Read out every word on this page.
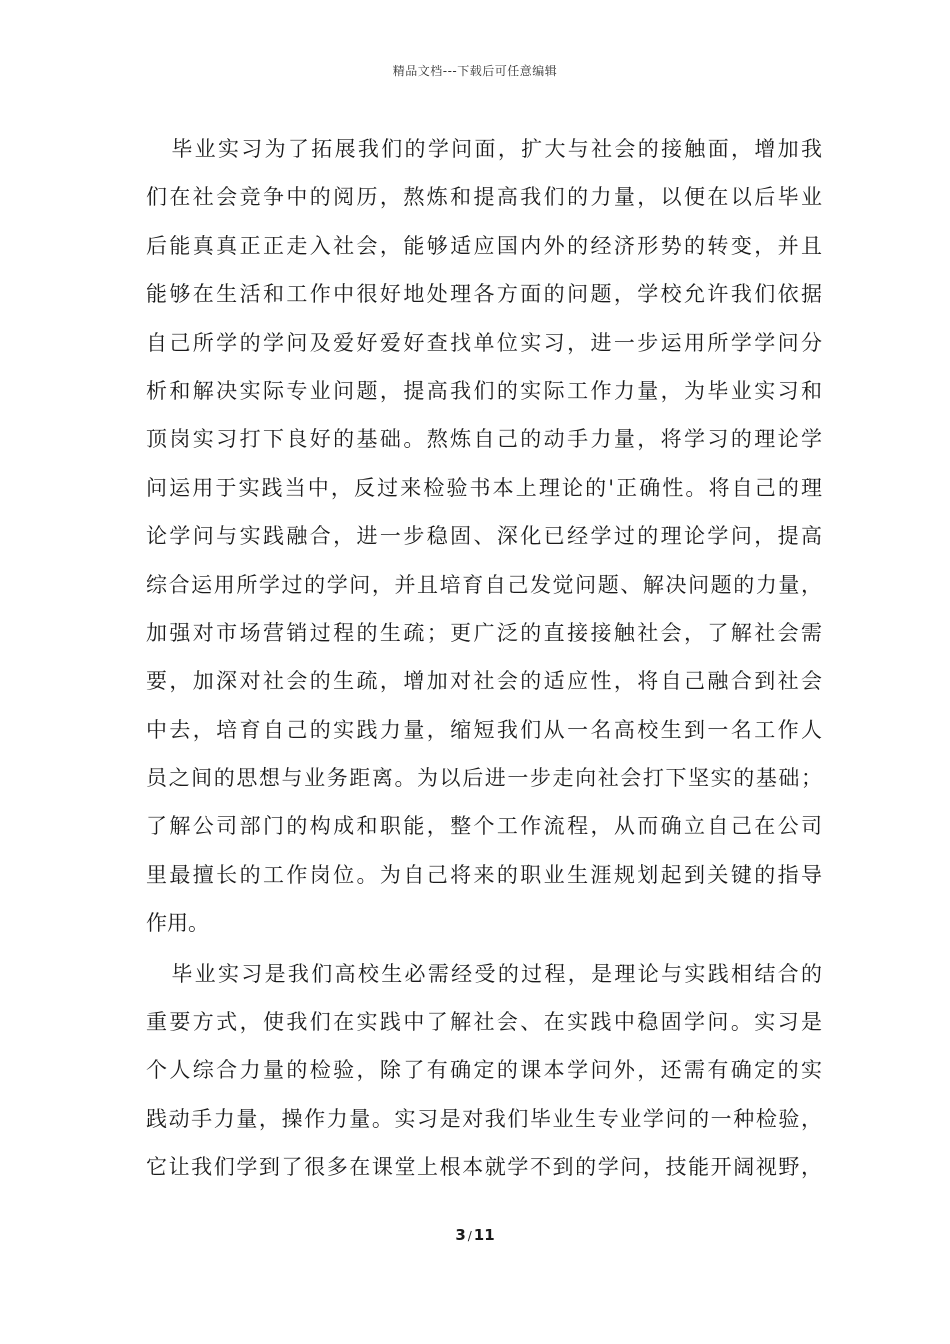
精品文档---下载后可任意编辑
　毕业实习为了拓展我们的学问面，扩大与社会的接触面，增加我
们在社会竞争中的阅历，熬炼和提高我们的力量，以便在以后毕业
后能真真正正走入社会，能够适应国内外的经济形势的转变，并且
能够在生活和工作中很好地处理各方面的问题，学校允许我们依据
自己所学的学问及爱好爱好查找单位实习，进一步运用所学学问分
析和解决实际专业问题，提高我们的实际工作力量，为毕业实习和
顶岗实习打下良好的基础。熬炼自己的动手力量，将学习的理论学
问运用于实践当中，反过来检验书本上理论的'正确性。将自己的理
论学问与实践融合，进一步稳固、深化已经学过的理论学问，提高
综合运用所学过的学问，并且培育自己发觉问题、解决问题的力量，
加强对市场营销过程的生疏；更广泛的直接接触社会，了解社会需
要，加深对社会的生疏，增加对社会的适应性，将自己融合到社会
中去，培育自己的实践力量，缩短我们从一名高校生到一名工作人
员之间的思想与业务距离。为以后进一步走向社会打下坚实的基础；
了解公司部门的构成和职能，整个工作流程，从而确立自己在公司
里最擅长的工作岗位。为自己将来的职业生涯规划起到关键的指导
作用。
　毕业实习是我们高校生必需经受的过程，是理论与实践相结合的
重要方式，使我们在实践中了解社会、在实践中稳固学问。实习是
个人综合力量的检验，除了有确定的课本学问外，还需有确定的实
践动手力量，操作力量。实习是对我们毕业生专业学问的一种检验，
它让我们学到了很多在课堂上根本就学不到的学问，技能开阔视野，
3 / 11
